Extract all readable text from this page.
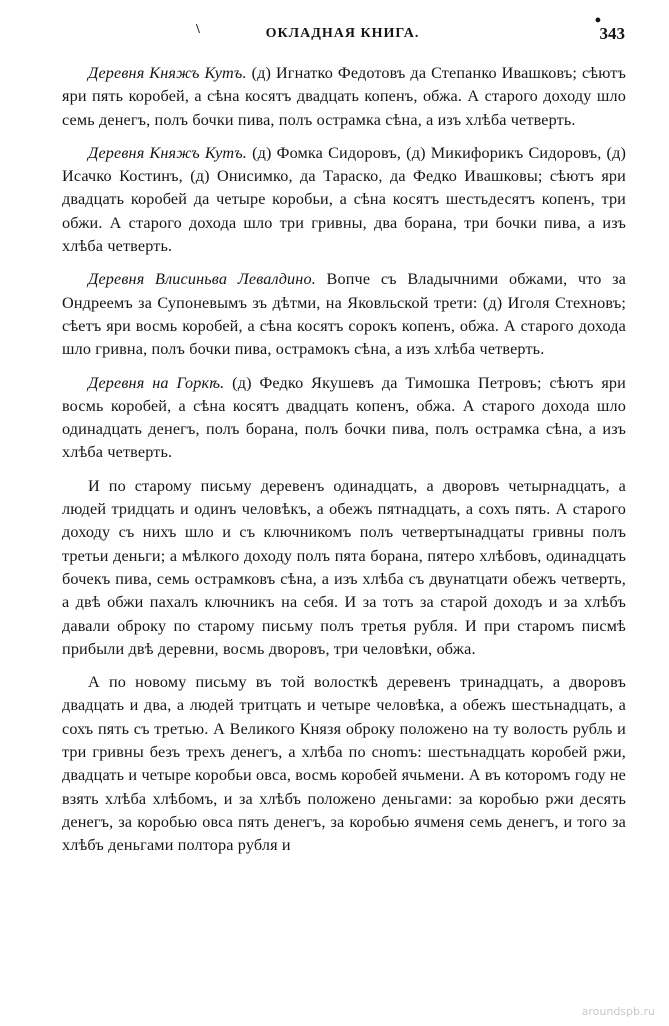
\	ОКЛАДНАЯ КНИГА.
•
343

Деревня Княжъ Кутъ. (д) Игнатко Федотовъ да Степанко Ивашковъ; сѣютъ яри пять коробей, а сѣна косятъ двадцать копенъ, обжа. А старого доходу шло семь денегъ, полъ бочки пива, полъ острамка сѣна, а изъ хлѣба четверть.

Деревня Княжъ Кутъ. (д) Фомка Сидоровъ, (д) Микифорикъ Сидоровъ, (д) Исачко Костинъ, (д) Онисимко, да Тараско, да Федко Ивашковы; сѣютъ яри двадцать коробей да четыре коробьи, а сѣна косятъ шестьдесятъ копенъ, три обжи. А старого дохода шло три гривны, два борана, три бочки пива, а изъ хлѣба четверть.

Деревня Влисиньва Левалдино. Вопче съ Владычними обжами, что за Ондреемъ за Супоневымъ зъ дѣтми, на Яковльской трети: (д) Иголя Стехновъ; сѣетъ яри восмь коробей, а сѣна косятъ сорокъ копенъ, обжа. А старого дохода шло гривна, полъ бочки пива, острамокъ сѣна, а изъ хлѣба четверть.

Деревня на Горкѣ. (д) Федко Якушевъ да Тимошка Петровъ; сѣютъ яри восмь коробей, а сѣна косятъ двадцать копенъ, обжа. А старого дохода шло одинадцать денегъ, полъ борана, полъ бочки пива, полъ острамка сѣна, а изъ хлѣба четверть.

И по старому письму деревенъ одинадцать, а дворовъ четырнадцать, а людей тридцать и одинъ человѣкъ, а обежъ пятнадцать, а сохъ пять. А старого доходу съ нихъ шло и съ ключникомъ полъ четвертынадцаты гривны полъ третьи деньги; а мѣлкого доходу полъ пята борана, пятеро хлѣбовъ, одинадцать бочекъ пива, семь острамковъ сѣна, а изъ хлѣба съ двунатцати обежъ четверть, а двѣ обжи пахалъ ключникъ на себя. И за тотъ за старой доходъ и за хлѣбъ давали оброку по старому письму полъ третья рубля. И при старомъ писмѣ прибыли двѣ деревни, восмь дворовъ, три человѣки, обжа.

А по новому письму въ той волосткѣ деревенъ тринадцать, а дворовъ двадцать и два, а людей тритцать и четыре человѣка, а обежъ шестьнадцать, а сохъ пять съ третью. А Великого Князя оброку положено на ту волость рубль и три гривны безъ трехъ денегъ, а хлѣба по сноmъ: шестьнадцать коробей ржи, двадцать и четыре коробьи овса, восмь коробей ячьмени. А въ которомъ году не взять хлѣба хлѣбомъ, и за хлѣбъ положено деньгами: за коробью ржи десять денегъ, за коробью овса пять денегъ, за коробью ячменя семь денегъ, и того за хлѣбъ деньгами полтора рубля и

aroundspb.ru
